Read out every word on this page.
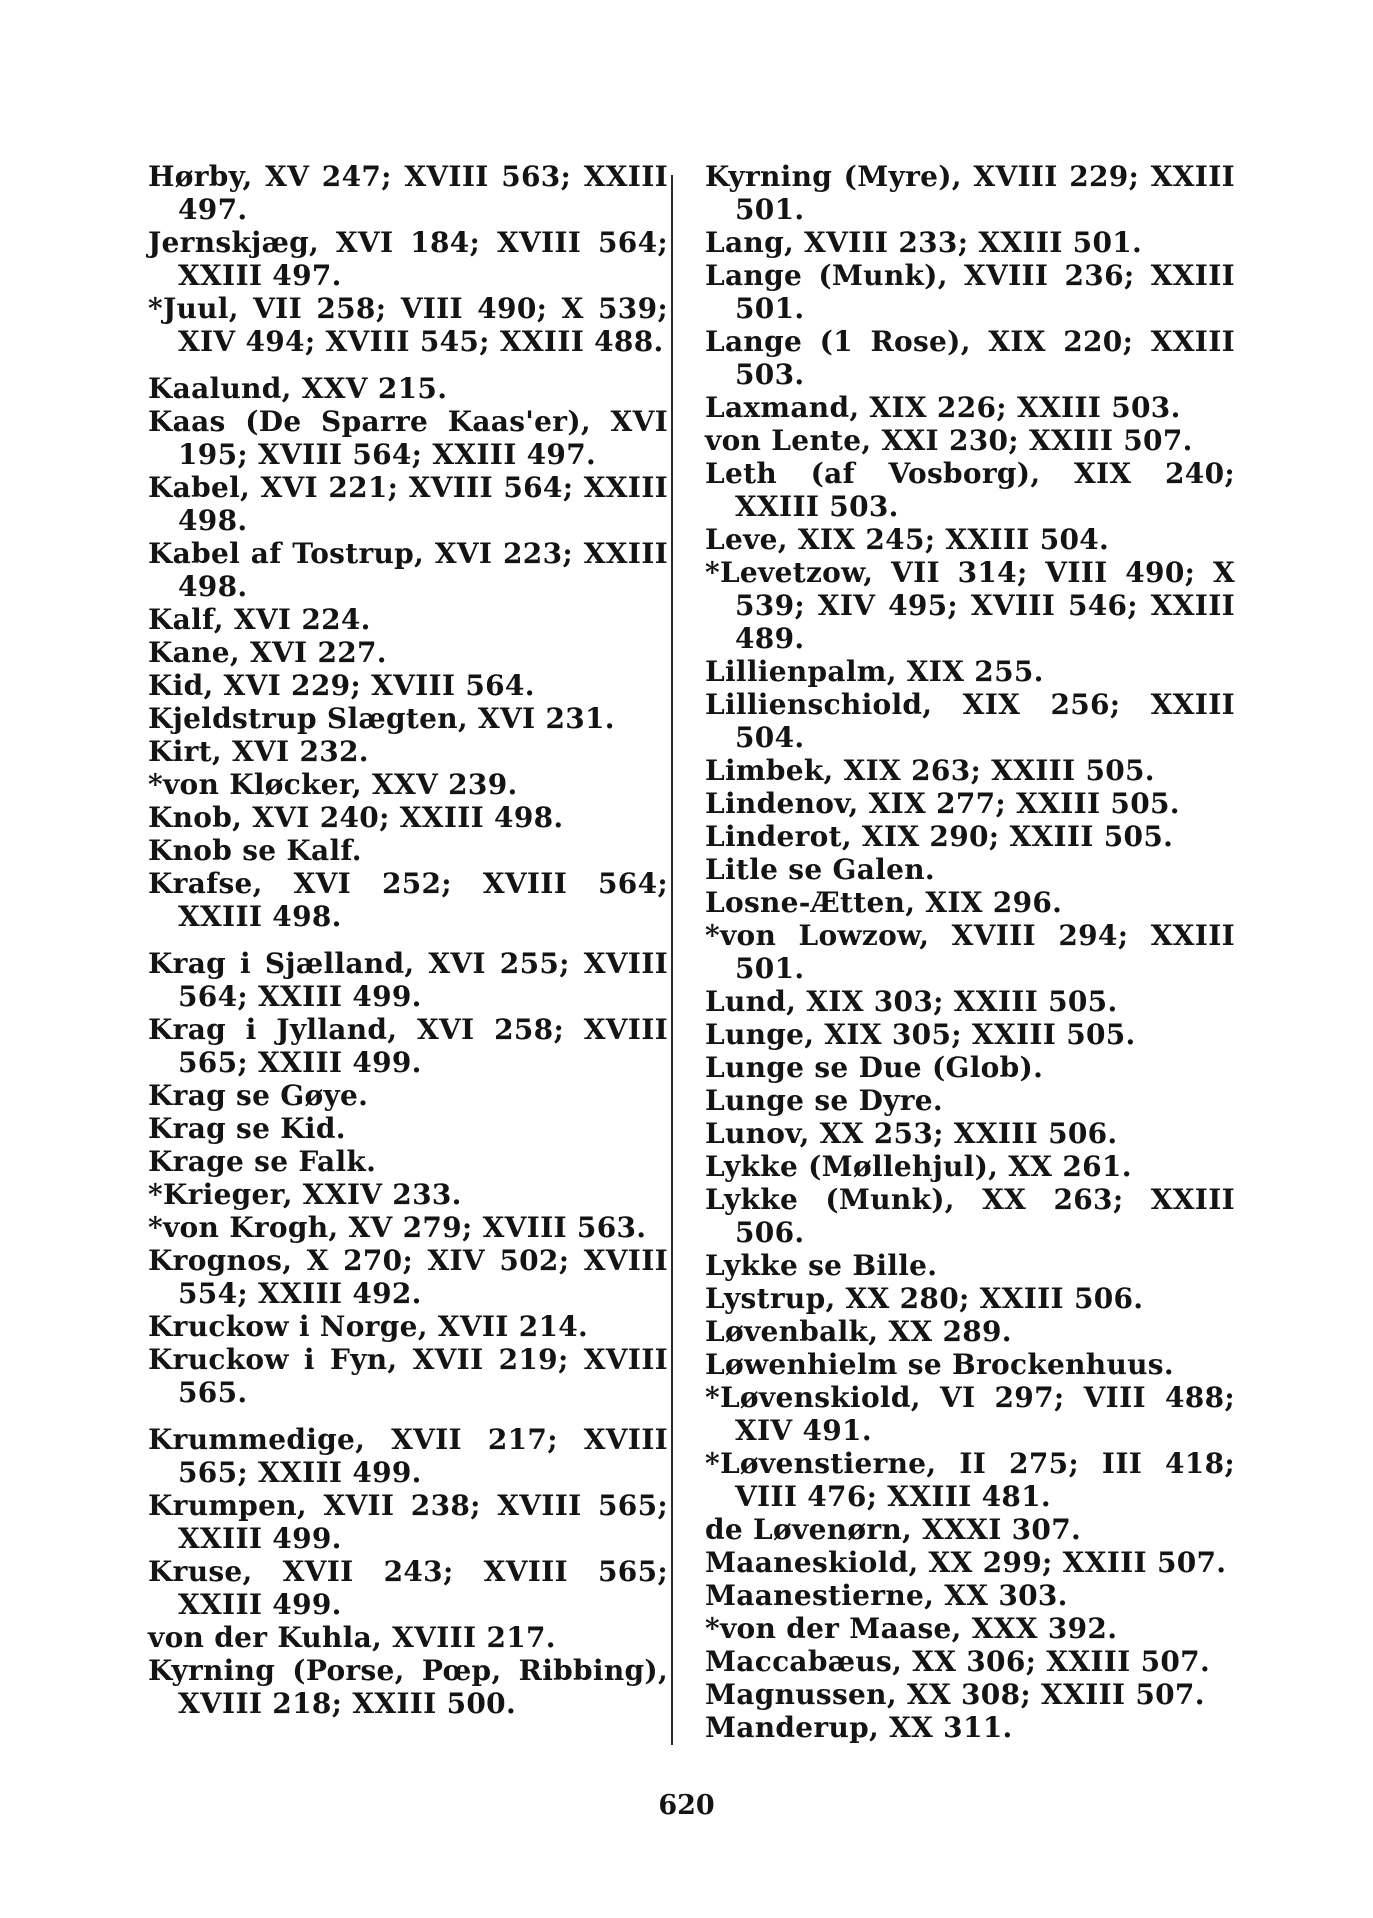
Hørby, XV 247; XVIII 563; XXIII 497.
Jernskjæg, XVI 184; XVIII 564; XXIII 497.
*Juul, VII 258; VIII 490; X 539; XIV 494; XVIII 545; XXIII 488.
Kaalund, XXV 215.
Kaas (De Sparre Kaas'er), XVI 195; XVIII 564; XXIII 497.
Kabel, XVI 221; XVIII 564; XXIII 498.
Kabel af Tostrup, XVI 223; XXIII 498.
Kalf, XVI 224.
Kane, XVI 227.
Kid, XVI 229; XVIII 564.
Kjeldstrup Slægten, XVI 231.
Kirt, XVI 232.
*von Kløcker, XXV 239.
Knob, XVI 240; XXIII 498.
Knob se Kalf.
Krafse, XVI 252; XVIII 564; XXIII 498.
Krag i Sjælland, XVI 255; XVIII 564; XXIII 499.
Krag i Jylland, XVI 258; XVIII 565; XXIII 499.
Krag se Gøye.
Krag se Kid.
Krage se Falk.
*Krieger, XXIV 233.
*von Krogh, XV 279; XVIII 563.
Krognos, X 270; XIV 502; XVIII 554; XXIII 492.
Kruckow i Norge, XVII 214.
Kruckow i Fyn, XVII 219; XVIII 565.
Krummedige, XVII 217; XVIII 565; XXIII 499.
Krumpen, XVII 238; XVIII 565; XXIII 499.
Kruse, XVII 243; XVIII 565; XXIII 499.
von der Kuhla, XVIII 217.
Kyrning (Porse, Pœp, Ribbing), XVIII 218; XXIII 500.
Kyrning (Myre), XVIII 229; XXIII 501.
Lang, XVIII 233; XXIII 501.
Lange (Munk), XVIII 236; XXIII 501.
Lange (1 Rose), XIX 220; XXIII 503.
Laxmand, XIX 226; XXIII 503.
von Lente, XXI 230; XXIII 507.
Leth (af Vosborg), XIX 240; XXIII 503.
Leve, XIX 245; XXIII 504.
*Levetzow, VII 314; VIII 490; X 539; XIV 495; XVIII 546; XXIII 489.
Lillienpalm, XIX 255.
Lillienschiold, XIX 256; XXIII 504.
Limbek, XIX 263; XXIII 505.
Lindenov, XIX 277; XXIII 505.
Linderot, XIX 290; XXIII 505.
Litle se Galen.
Losne-Ætten, XIX 296.
*von Lowzow, XVIII 294; XXIII 501.
Lund, XIX 303; XXIII 505.
Lunge, XIX 305; XXIII 505.
Lunge se Due (Glob).
Lunge se Dyre.
Lunov, XX 253; XXIII 506.
Lykke (Møllehjul), XX 261.
Lykke (Munk), XX 263; XXIII 506.
Lykke se Bille.
Lystrup, XX 280; XXIII 506.
Løvenbalk, XX 289.
Løwenhielm se Brockenhuus.
*Løvenskiold, VI 297; VIII 488; XIV 491.
*Løvenstierne, II 275; III 418; VIII 476; XXIII 481.
de Løvenørn, XXXI 307.
Maaneskiold, XX 299; XXIII 507.
Maanestierne, XX 303.
*von der Maase, XXX 392.
Maccabæus, XX 306; XXIII 507.
Magnussen, XX 308; XXIII 507.
Manderup, XX 311.
620
